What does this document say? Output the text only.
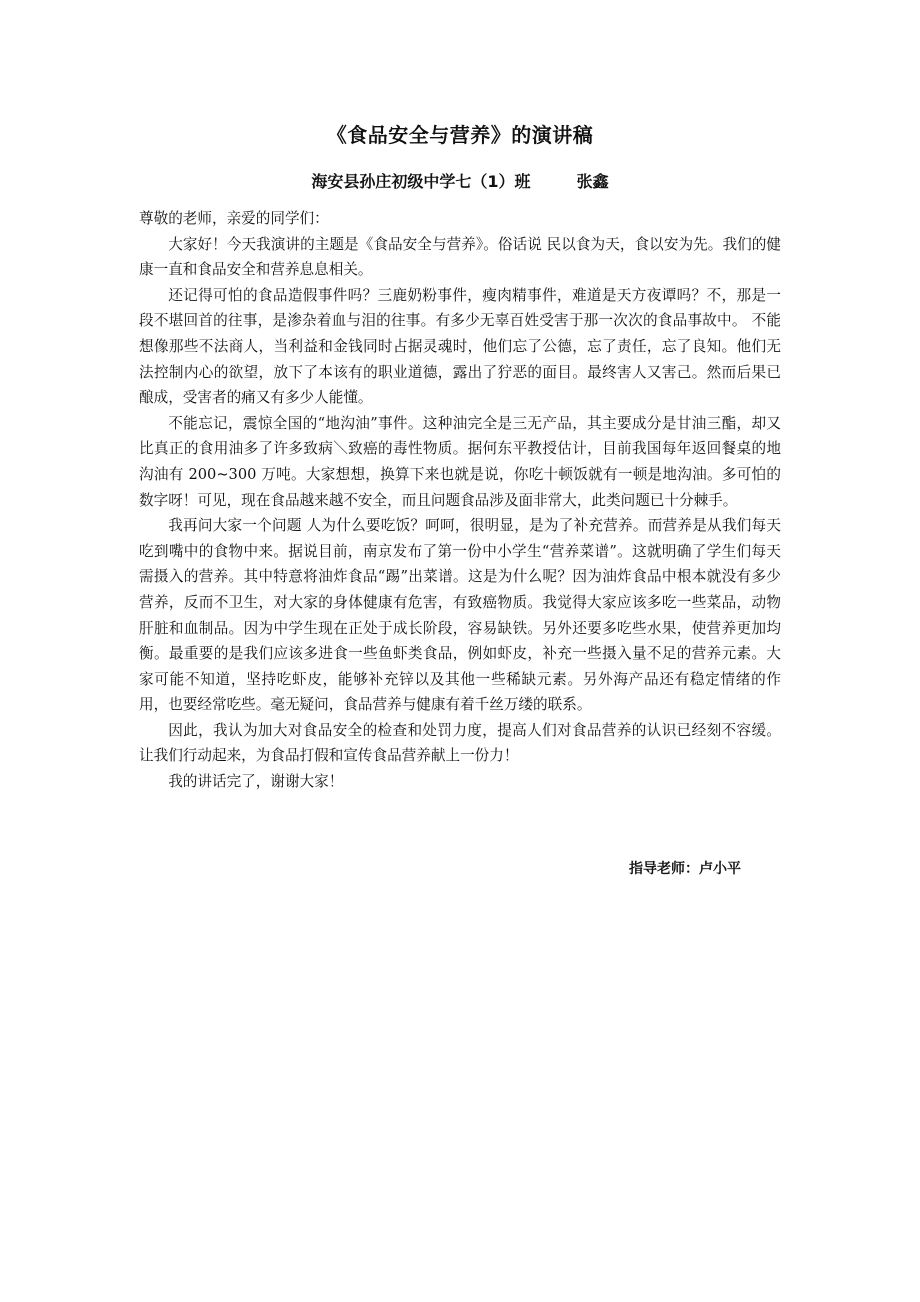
《食品安全与营养》的演讲稿
海安县孙庄初级中学七（1）班	张鑫

尊敬的老师，亲爱的同学们：

大家好！今天我演讲的主题是《食品安全与营养》。俗话说 民以食为天，食以安为先。我们的健康一直和食品安全和营养息息相关。

还记得可怕的食品造假事件吗？三鹿奶粉事件，瘦肉精事件，难道是天方夜谭吗？不，那是一段不堪回首的往事，是渗杂着血与泪的往事。有多少无辜百姓受害于那一次次的食品事故中。 不能想像那些不法商人，当利益和金钱同时占据灵魂时，他们忘了公德，忘了责任，忘了良知。他们无法控制内心的欲望，放下了本该有的职业道德，露出了狞恶的面目。最终害人又害己。然而后果已酿成，受害者的痛又有多少人能懂。

不能忘记，震惊全国的“地沟油”事件。这种油完全是三无产品，其主要成分是甘油三酯，却又比真正的食用油多了许多致病＼致癌的毒性物质。据何东平教授估计，目前我国每年返回餐桌的地沟油有 200~300 万吨。大家想想，换算下来也就是说，你吃十顿饭就有一顿是地沟油。多可怕的数字呀！可见，现在食品越来越不安全，而且问题食品涉及面非常大，此类问题已十分棘手。

我再问大家一个问题 人为什么要吃饭？呵呵，很明显，是为了补充营养。而营养是从我们每天吃到嘴中的食物中来。据说目前，南京发布了第一份中小学生“营养菜谱”。这就明确了学生们每天需摄入的营养。其中特意将油炸食品“踢”出菜谱。这是为什么呢？因为油炸食品中根本就没有多少营养，反而不卫生，对大家的身体健康有危害，有致癌物质。我觉得大家应该多吃一些菜品，动物肝脏和血制品。因为中学生现在正处于成长阶段，容易缺铁。另外还要多吃些水果，使营养更加均衡。最重要的是我们应该多进食一些鱼虾类食品，例如虾皮，补充一些摄入量不足的营养元素。大家可能不知道，坚持吃虾皮，能够补充锌以及其他一些稀缺元素。另外海产品还有稳定情绪的作用，也要经常吃些。毫无疑问，食品营养与健康有着千丝万缕的联系。

因此，我认为加大对食品安全的检查和处罚力度，提高人们对食品营养的认识已经刻不容缓。让我们行动起来，为食品打假和宣传食品营养献上一份力！

我的讲话完了，谢谢大家！

指导老师：卢小平
